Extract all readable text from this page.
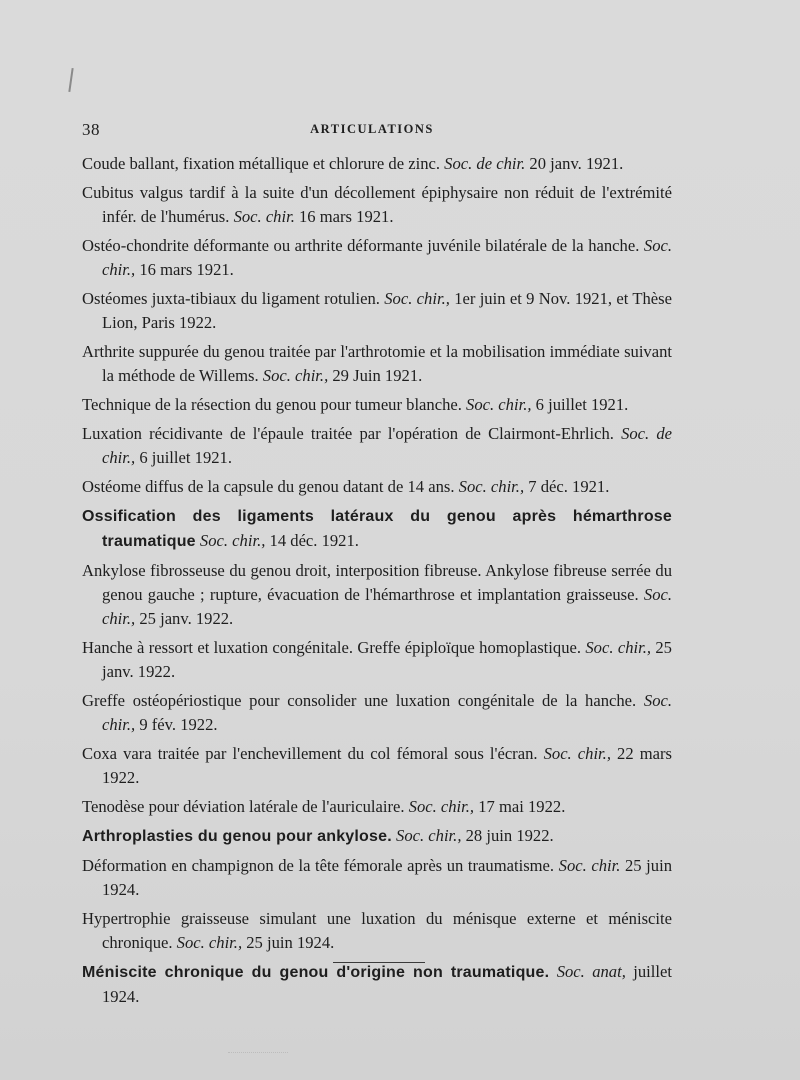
38	ARTICULATIONS
Coude ballant, fixation métallique et chlorure de zinc. Soc. de chir. 20 janv. 1921.
Cubitus valgus tardif à la suite d'un décollement épiphysaire non réduit de l'extrémité infér. de l'humérus. Soc. chir. 16 mars 1921.
Ostéo-chondrite déformante ou arthrite déformante juvénile bilatérale de la hanche. Soc. chir., 16 mars 1921.
Ostéomes juxta-tibiaux du ligament rotulien. Soc. chir., 1er juin et 9 Nov. 1921, et Thèse Lion, Paris 1922.
Arthrite suppurée du genou traitée par l'arthrotomie et la mobilisation immédiate suivant la méthode de Willems. Soc. chir., 29 Juin 1921.
Technique de la résection du genou pour tumeur blanche. Soc. chir., 6 juillet 1921.
Luxation récidivante de l'épaule traitée par l'opération de Clairmont-Ehrlich. Soc. de chir., 6 juillet 1921.
Ostéome diffus de la capsule du genou datant de 14 ans. Soc. chir., 7 déc. 1921.
Ossification des ligaments latéraux du genou après hémarthrose traumatique Soc. chir., 14 déc. 1921.
Ankylose fibrosseuse du genou droit, interposition fibreuse. Ankylose fibreuse serrée du genou gauche ; rupture, évacuation de l'hémarthrose et implantation graisseuse. Soc. chir., 25 janv. 1922.
Hanche à ressort et luxation congénitale. Greffe épiploïque homoplastique. Soc. chir., 25 janv. 1922.
Greffe ostéopériostique pour consolider une luxation congénitale de la hanche. Soc. chir., 9 fév. 1922.
Coxa vara traitée par l'enchevillement du col fémoral sous l'écran. Soc. chir., 22 mars 1922.
Tenodèse pour déviation latérale de l'auriculaire. Soc. chir., 17 mai 1922.
Arthroplasties du genou pour ankylose. Soc. chir., 28 juin 1922.
Déformation en champignon de la tête fémorale après un traumatisme. Soc. chir. 25 juin 1924.
Hypertrophie graisseuse simulant une luxation du ménisque externe et méniscite chronique. Soc. chir., 25 juin 1924.
Méniscite chronique du genou d'origine non traumatique. Soc. anat, juillet 1924.
